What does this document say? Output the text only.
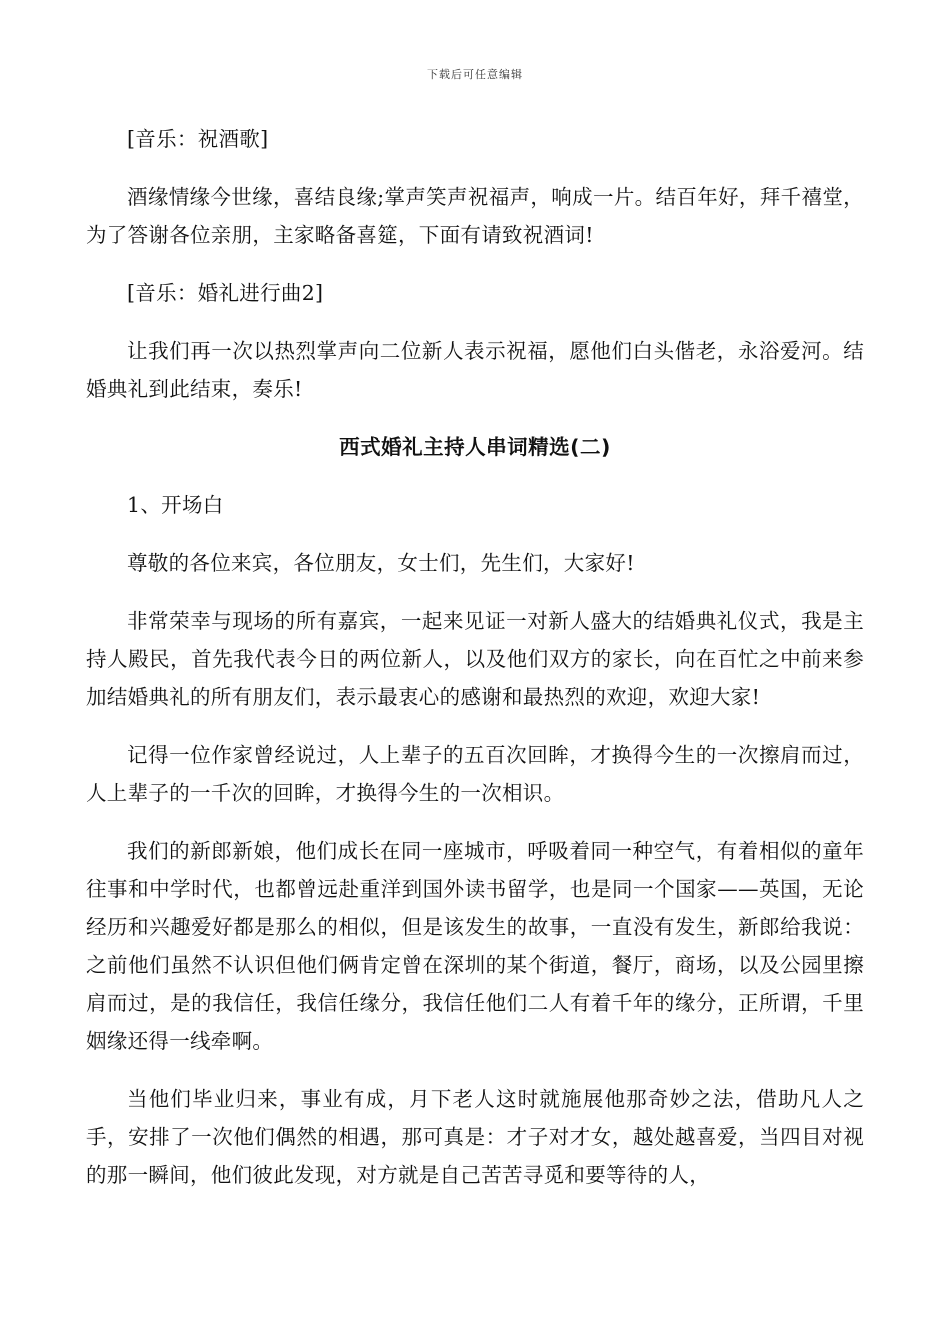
下载后可任意编辑

[音乐：祝酒歌]

酒缘情缘今世缘，喜结良缘;掌声笑声祝福声，响成一片。结百年好，拜千禧堂，为了答谢各位亲朋，主家略备喜筵，下面有请致祝酒词!

[音乐：婚礼进行曲2]

让我们再一次以热烈掌声向二位新人表示祝福，愿他们白头偕老，永浴爱河。结婚典礼到此结束，奏乐!

西式婚礼主持人串词精选(二)

1、开场白

尊敬的各位来宾，各位朋友，女士们，先生们，大家好!

非常荣幸与现场的所有嘉宾，一起来见证一对新人盛大的结婚典礼仪式，我是主持人殿民，首先我代表今日的两位新人，以及他们双方的家长，向在百忙之中前来参加结婚典礼的所有朋友们，表示最衷心的感谢和最热烈的欢迎，欢迎大家!

记得一位作家曾经说过，人上辈子的五百次回眸，才换得今生的一次擦肩而过，人上辈子的一千次的回眸，才换得今生的一次相识。

我们的新郎新娘，他们成长在同一座城市，呼吸着同一种空气，有着相似的童年往事和中学时代，也都曾远赴重洋到国外读书留学，也是同一个国家——英国，无论经历和兴趣爱好都是那么的相似，但是该发生的故事，一直没有发生，新郎给我说：之前他们虽然不认识但他们俩肯定曾在深圳的某个街道，餐厅，商场，以及公园里擦肩而过，是的我信任，我信任缘分，我信任他们二人有着千年的缘分，正所谓，千里姻缘还得一线牵啊。

当他们毕业归来，事业有成，月下老人这时就施展他那奇妙之法，借助凡人之手，安排了一次他们偶然的相遇，那可真是：才子对才女，越处越喜爱，当四目对视的那一瞬间，他们彼此发现，对方就是自己苦苦寻觅和要等待的人，
